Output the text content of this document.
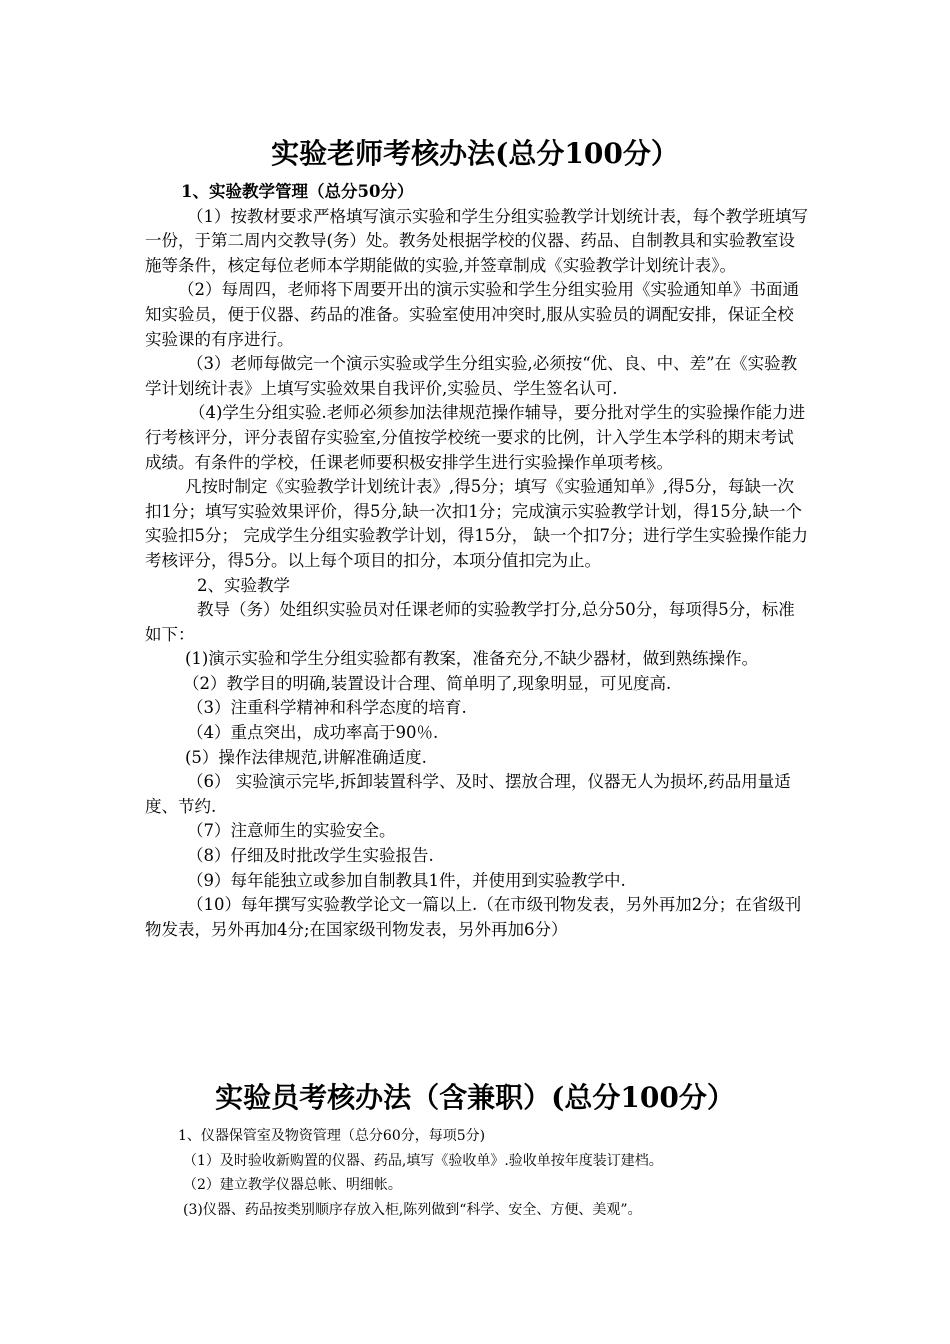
实验老师考核办法(总分100分）

1、实验教学管理（总分50分）

（1）按教材要求严格填写演示实验和学生分组实验教学计划统计表，每个教学班填写一份，于第二周内交教导(务）处。教务处根据学校的仪器、药品、自制教具和实验教室设施等条件，核定每位老师本学期能做的实验,并签章制成《实验教学计划统计表》。

（2）每周四，老师将下周要开出的演示实验和学生分组实验用《实验通知单》书面通知实验员，便于仪器、药品的准备。实验室使用冲突时,服从实验员的调配安排，保证全校实验课的有序进行。

（3）老师每做完一个演示实验或学生分组实验,必须按“优、良、中、差”在《实验教学计划统计表》上填写实验效果自我评价,实验员、学生签名认可.

（4)学生分组实验.老师必须参加法律规范操作辅导，要分批对学生的实验操作能力进行考核评分，评分表留存实验室,分值按学校统一要求的比例，计入学生本学科的期末考试成绩。有条件的学校，任课老师要积极安排学生进行实验操作单项考核。

凡按时制定《实验教学计划统计表》,得5分；填写《实验通知单》,得5分，每缺一次扣1分；填写实验效果评价，得5分,缺一次扣1分；完成演示实验教学计划，得15分,缺一个实验扣5分； 完成学生分组实验教学计划，得15分， 缺一个扣7分；进行学生实验操作能力考核评分，得5分。以上每个项目的扣分，本项分值扣完为止。

2、实验教学

教导（务）处组织实验员对任课老师的实验教学打分,总分50分，每项得5分，标准如下：

(1)演示实验和学生分组实验都有教案，准备充分,不缺少器材，做到熟练操作。

（2）教学目的明确,装置设计合理、简单明了,现象明显，可见度高.

（3）注重科学精神和科学态度的培育.

（4）重点突出，成功率高于90％.

(5）操作法律规范,讲解准确适度.

（6） 实验演示完毕,拆卸装置科学、及时、摆放合理，仪器无人为损坏,药品用量适度、节约.

（7）注意师生的实验安全。

（8）仔细及时批改学生实验报告.

（9）每年能独立或参加自制教具1件，并使用到实验教学中.

（10）每年撰写实验教学论文一篇以上.（在市级刊物发表，另外再加2分；在省级刊物发表，另外再加4分;在国家级刊物发表，另外再加6分）

实验员考核办法（含兼职）(总分100分）

1、仪器保管室及物资管理（总分60分，每项5分)

（1）及时验收新购置的仪器、药品,填写《验收单》.验收单按年度装订建档。

（2）建立教学仪器总帐、明细帐。

(3)仪器、药品按类别顺序存放入柜,陈列做到“科学、安全、方便、美观”。
